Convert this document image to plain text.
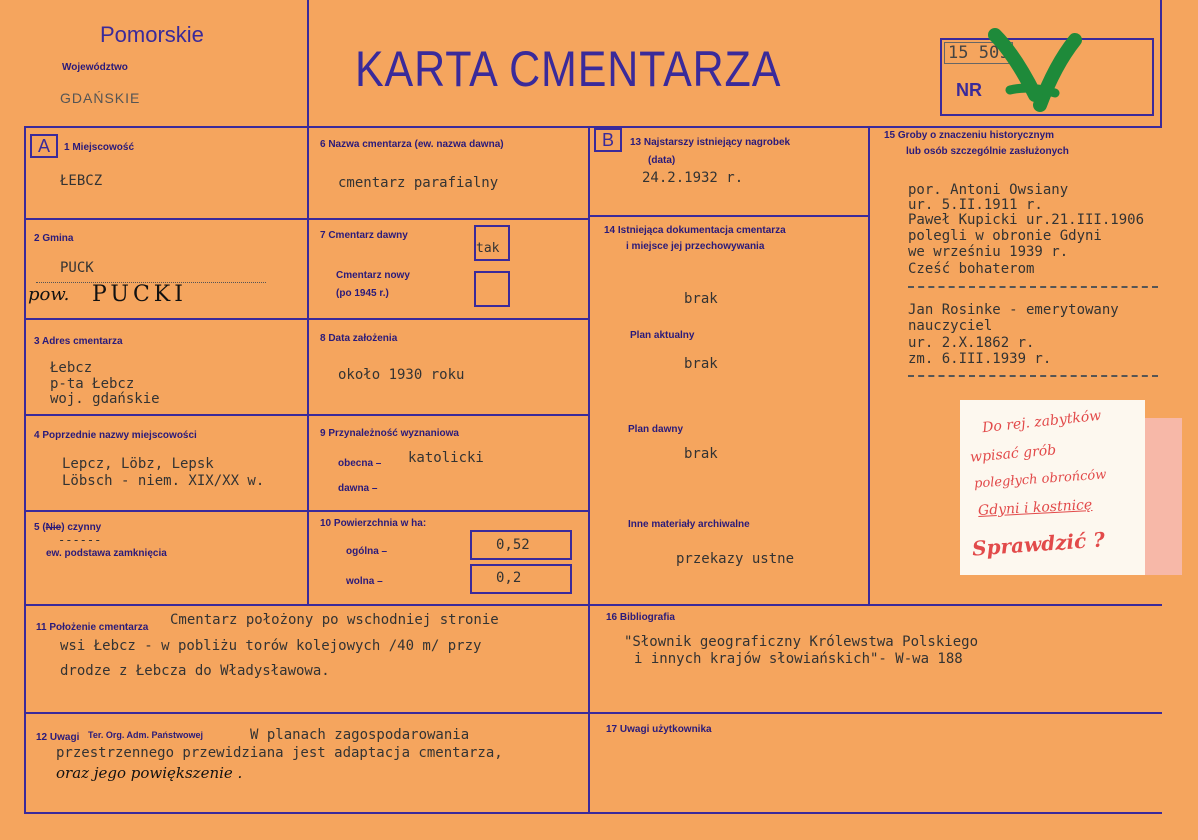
Pomorskie
Województwo
GDAŃSKIE
KARTA CMENTARZA	15 509
NR
A	1 Miejscowość
ŁEBCZ
2 Gmina
PUCK
pow. PUCKI
3 Adres cmentarza
Łebcz
p-ta Łebcz
woj. gdańskie
4 Poprzednie nazwy miejscowości
Lepcz, Löbz, Lepsk
Löbsch - niem. XIX/XX w.
5 (Nie) czynny
------
ew. podstawa zamknięcia
6 Nazwa cmentarza (ew. nazwa dawna)
cmentarz parafialny
7 Cmentarz dawny
tak
Cmentarz nowy
(po 1945 r.)
8 Data założenia
około 1930 roku
9 Przynależność wyznaniowa
obecna – katolicki
dawna –
10 Powierzchnia w ha:
ogólna –	0,52
wolna –	0,2
B	13 Najstarszy istniejący nagrobek
(data)
24.2.1932 r.
14 Istniejąca dokumentacja cmentarza
i miejsce jej przechowywania
brak
Plan aktualny
brak
Plan dawny
brak
Inne materiały archiwalne
przekazy ustne
15 Groby o znaczeniu historycznym
lub osób szczególnie zasłużonych
por. Antoni Owsiany
ur. 5.II.1911 r.
Paweł Kupicki ur.21.III.1906
polegli w obronie Gdyni
we wrześniu 1939 r.
Cześć bohaterom
Jan Rosinke - emerytowany
nauczyciel
ur. 2.X.1862 r.
zm. 6.III.1939 r.
Do rej. zabytków
wpisać grób
poległych obrońców
Gdyni i kostnicę
Sprawdzić ?
11 Położenie cmentarza Cmentarz położony po wschodniej stronie
wsi Łebcz - w pobliżu torów kolejowych /40 m/ przy
drodze z Łebcza do Władysławowa.
12 Uwagi Ter. Org. Adm. Państwowej	W planach zagospodarowania
przestrzennego przewidziana jest adaptacja cmentarza,
oraz jego powiększenie .
16 Bibliografia
"Słownik geograficzny Królewstwa Polskiego
i innych krajów słowiańskich"- W-wa 188
17 Uwagi użytkownika
